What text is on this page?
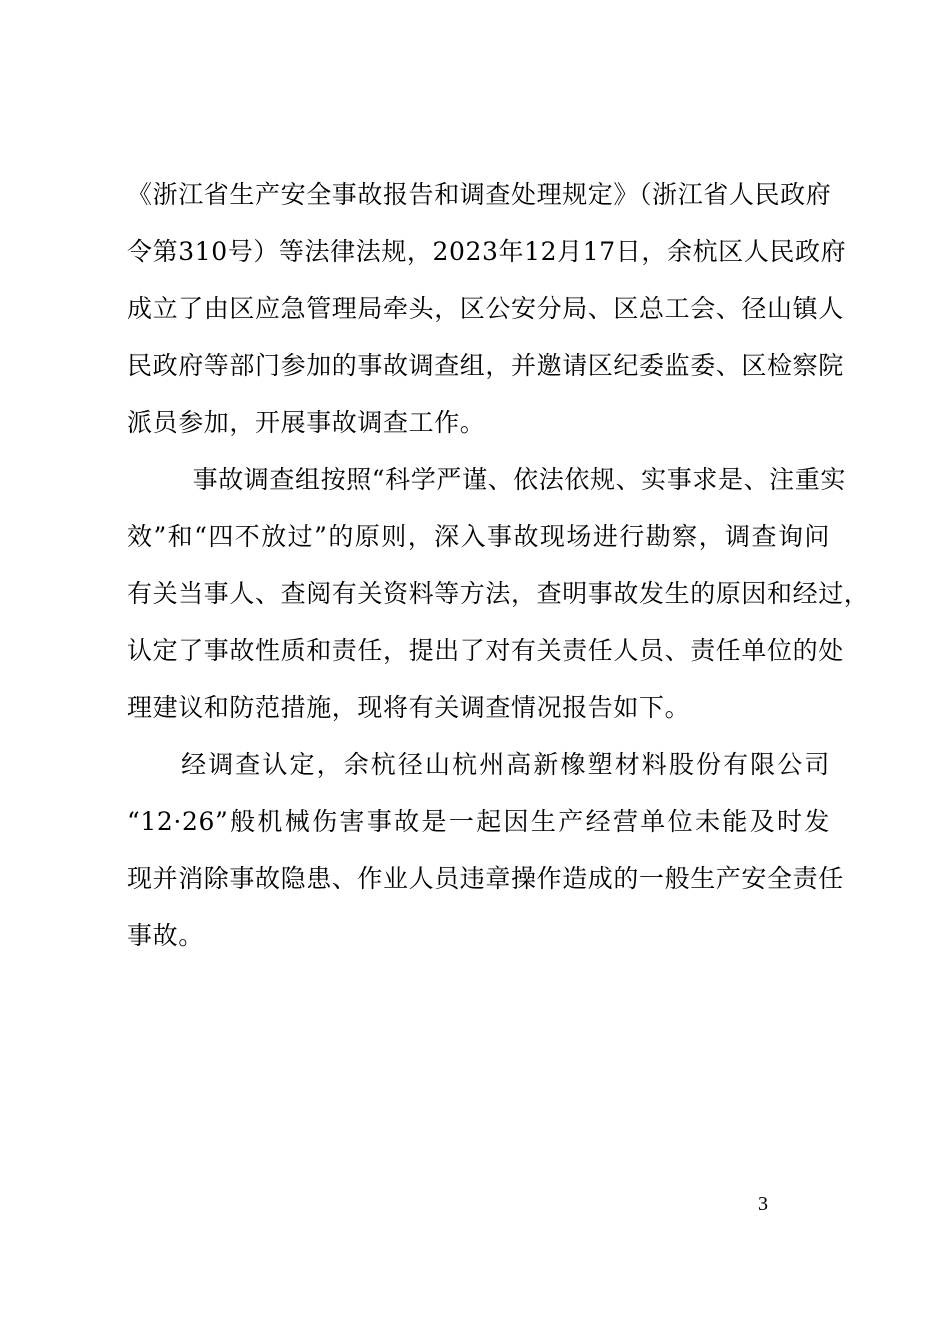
《浙江省生产安全事故报告和调查处理规定》（浙江省人民政府
令第310号）等法律法规，2023年12月17日，余杭区人民政府
成立了由区应急管理局牵头，区公安分局、区总工会、径山镇人
民政府等部门参加的事故调查组，并邀请区纪委监委、区检察院
派员参加，开展事故调查工作。
　事故调查组按照“科学严谨、依法依规、实事求是、注重实
效”和“四不放过”的原则，深入事故现场进行勘察，调查询问
有关当事人、查阅有关资料等方法，查明事故发生的原因和经过，
认定了事故性质和责任，提出了对有关责任人员、责任单位的处
理建议和防范措施，现将有关调查情况报告如下。
　经调查认定，余杭径山杭州高新橡塑材料股份有限公司
“12·26”般机械伤害事故是一起因生产经营单位未能及时发
现并消除事故隐患、作业人员违章操作造成的一般生产安全责任
事故。
3
